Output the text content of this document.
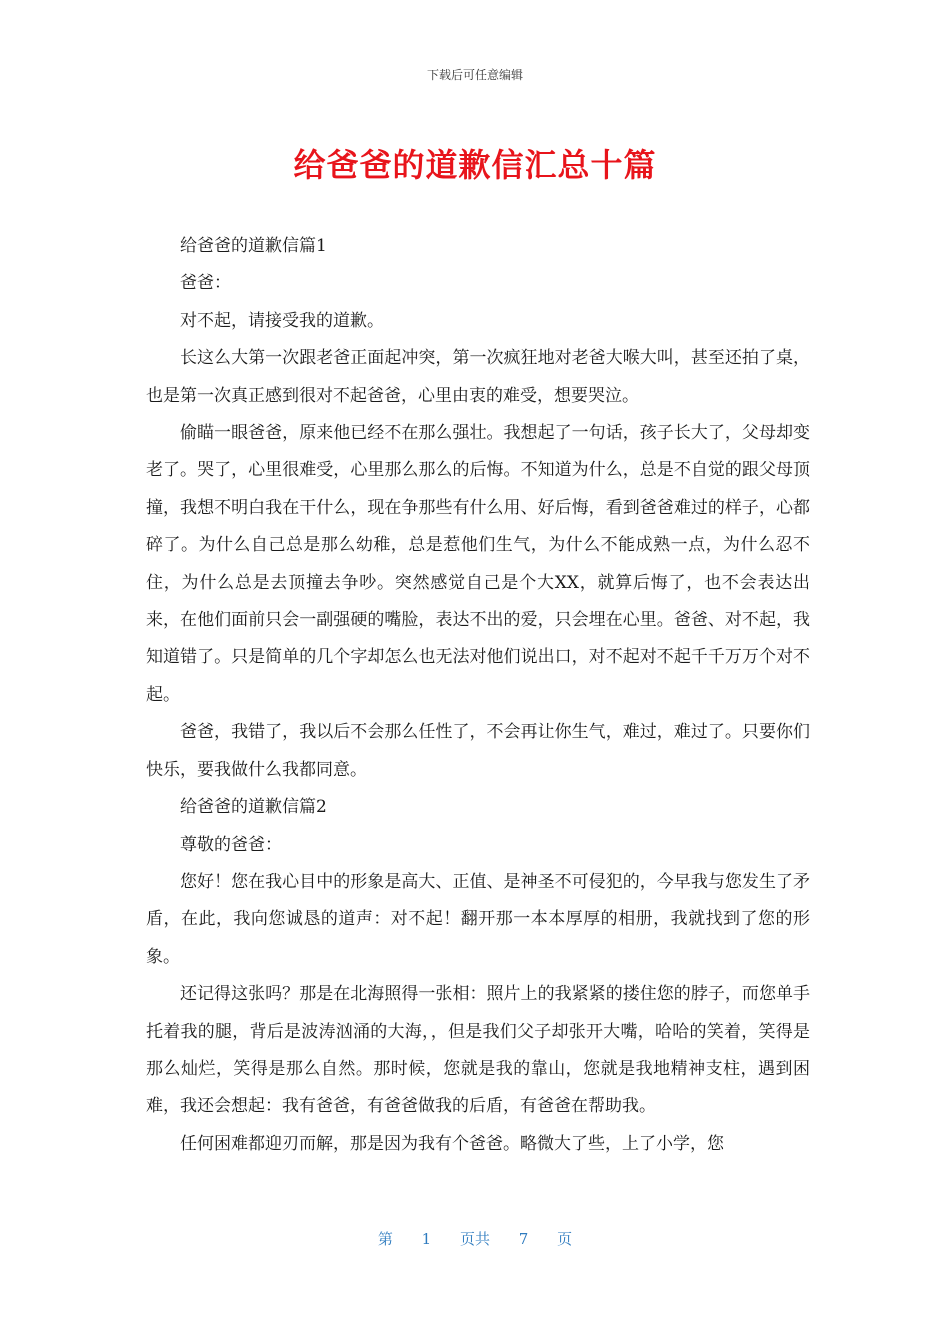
下载后可任意编辑
给爸爸的道歉信汇总十篇

给爸爸的道歉信篇1

爸爸：

对不起，请接受我的道歉。

长这么大第一次跟老爸正面起冲突，第一次疯狂地对老爸大喉大叫，甚至还拍了桌，也是第一次真正感到很对不起爸爸，心里由衷的难受，想要哭泣。

偷瞄一眼爸爸，原来他已经不在那么强壮。我想起了一句话，孩子长大了，父母却变老了。哭了，心里很难受，心里那么那么的后悔。不知道为什么，总是不自觉的跟父母顶撞，我想不明白我在干什么，现在争那些有什么用、好后悔，看到爸爸难过的样子，心都碎了。为什么自己总是那么幼稚，总是惹他们生气，为什么不能成熟一点，为什么忍不住，为什么总是去顶撞去争吵。突然感觉自己是个大XX，就算后悔了，也不会表达出来，在他们面前只会一副强硬的嘴脸，表达不出的爱，只会埋在心里。爸爸、对不起，我知道错了。只是简单的几个字却怎么也无法对他们说出口，对不起对不起千千万万个对不起。

爸爸，我错了，我以后不会那么任性了，不会再让你生气，难过，难过了。只要你们快乐，要我做什么我都同意。

给爸爸的道歉信篇2

尊敬的爸爸：

您好！您在我心目中的形象是高大、正值、是神圣不可侵犯的，今早我与您发生了矛盾，在此，我向您诚恳的道声：对不起！翻开那一本本厚厚的相册，我就找到了您的形象。

还记得这张吗？那是在北海照得一张相：照片上的我紧紧的搂住您的脖子，而您单手托着我的腿，背后是波涛汹涌的大海，，但是我们父子却张开大嘴，哈哈的笑着，笑得是那么灿烂，笑得是那么自然。那时候，您就是我的靠山，您就是我地精神支柱，遇到困难，我还会想起：我有爸爸，有爸爸做我的后盾，有爸爸在帮助我。

任何困难都迎刃而解，那是因为我有个爸爸。略微大了些，上了小学，您

第 1 页共 7 页
